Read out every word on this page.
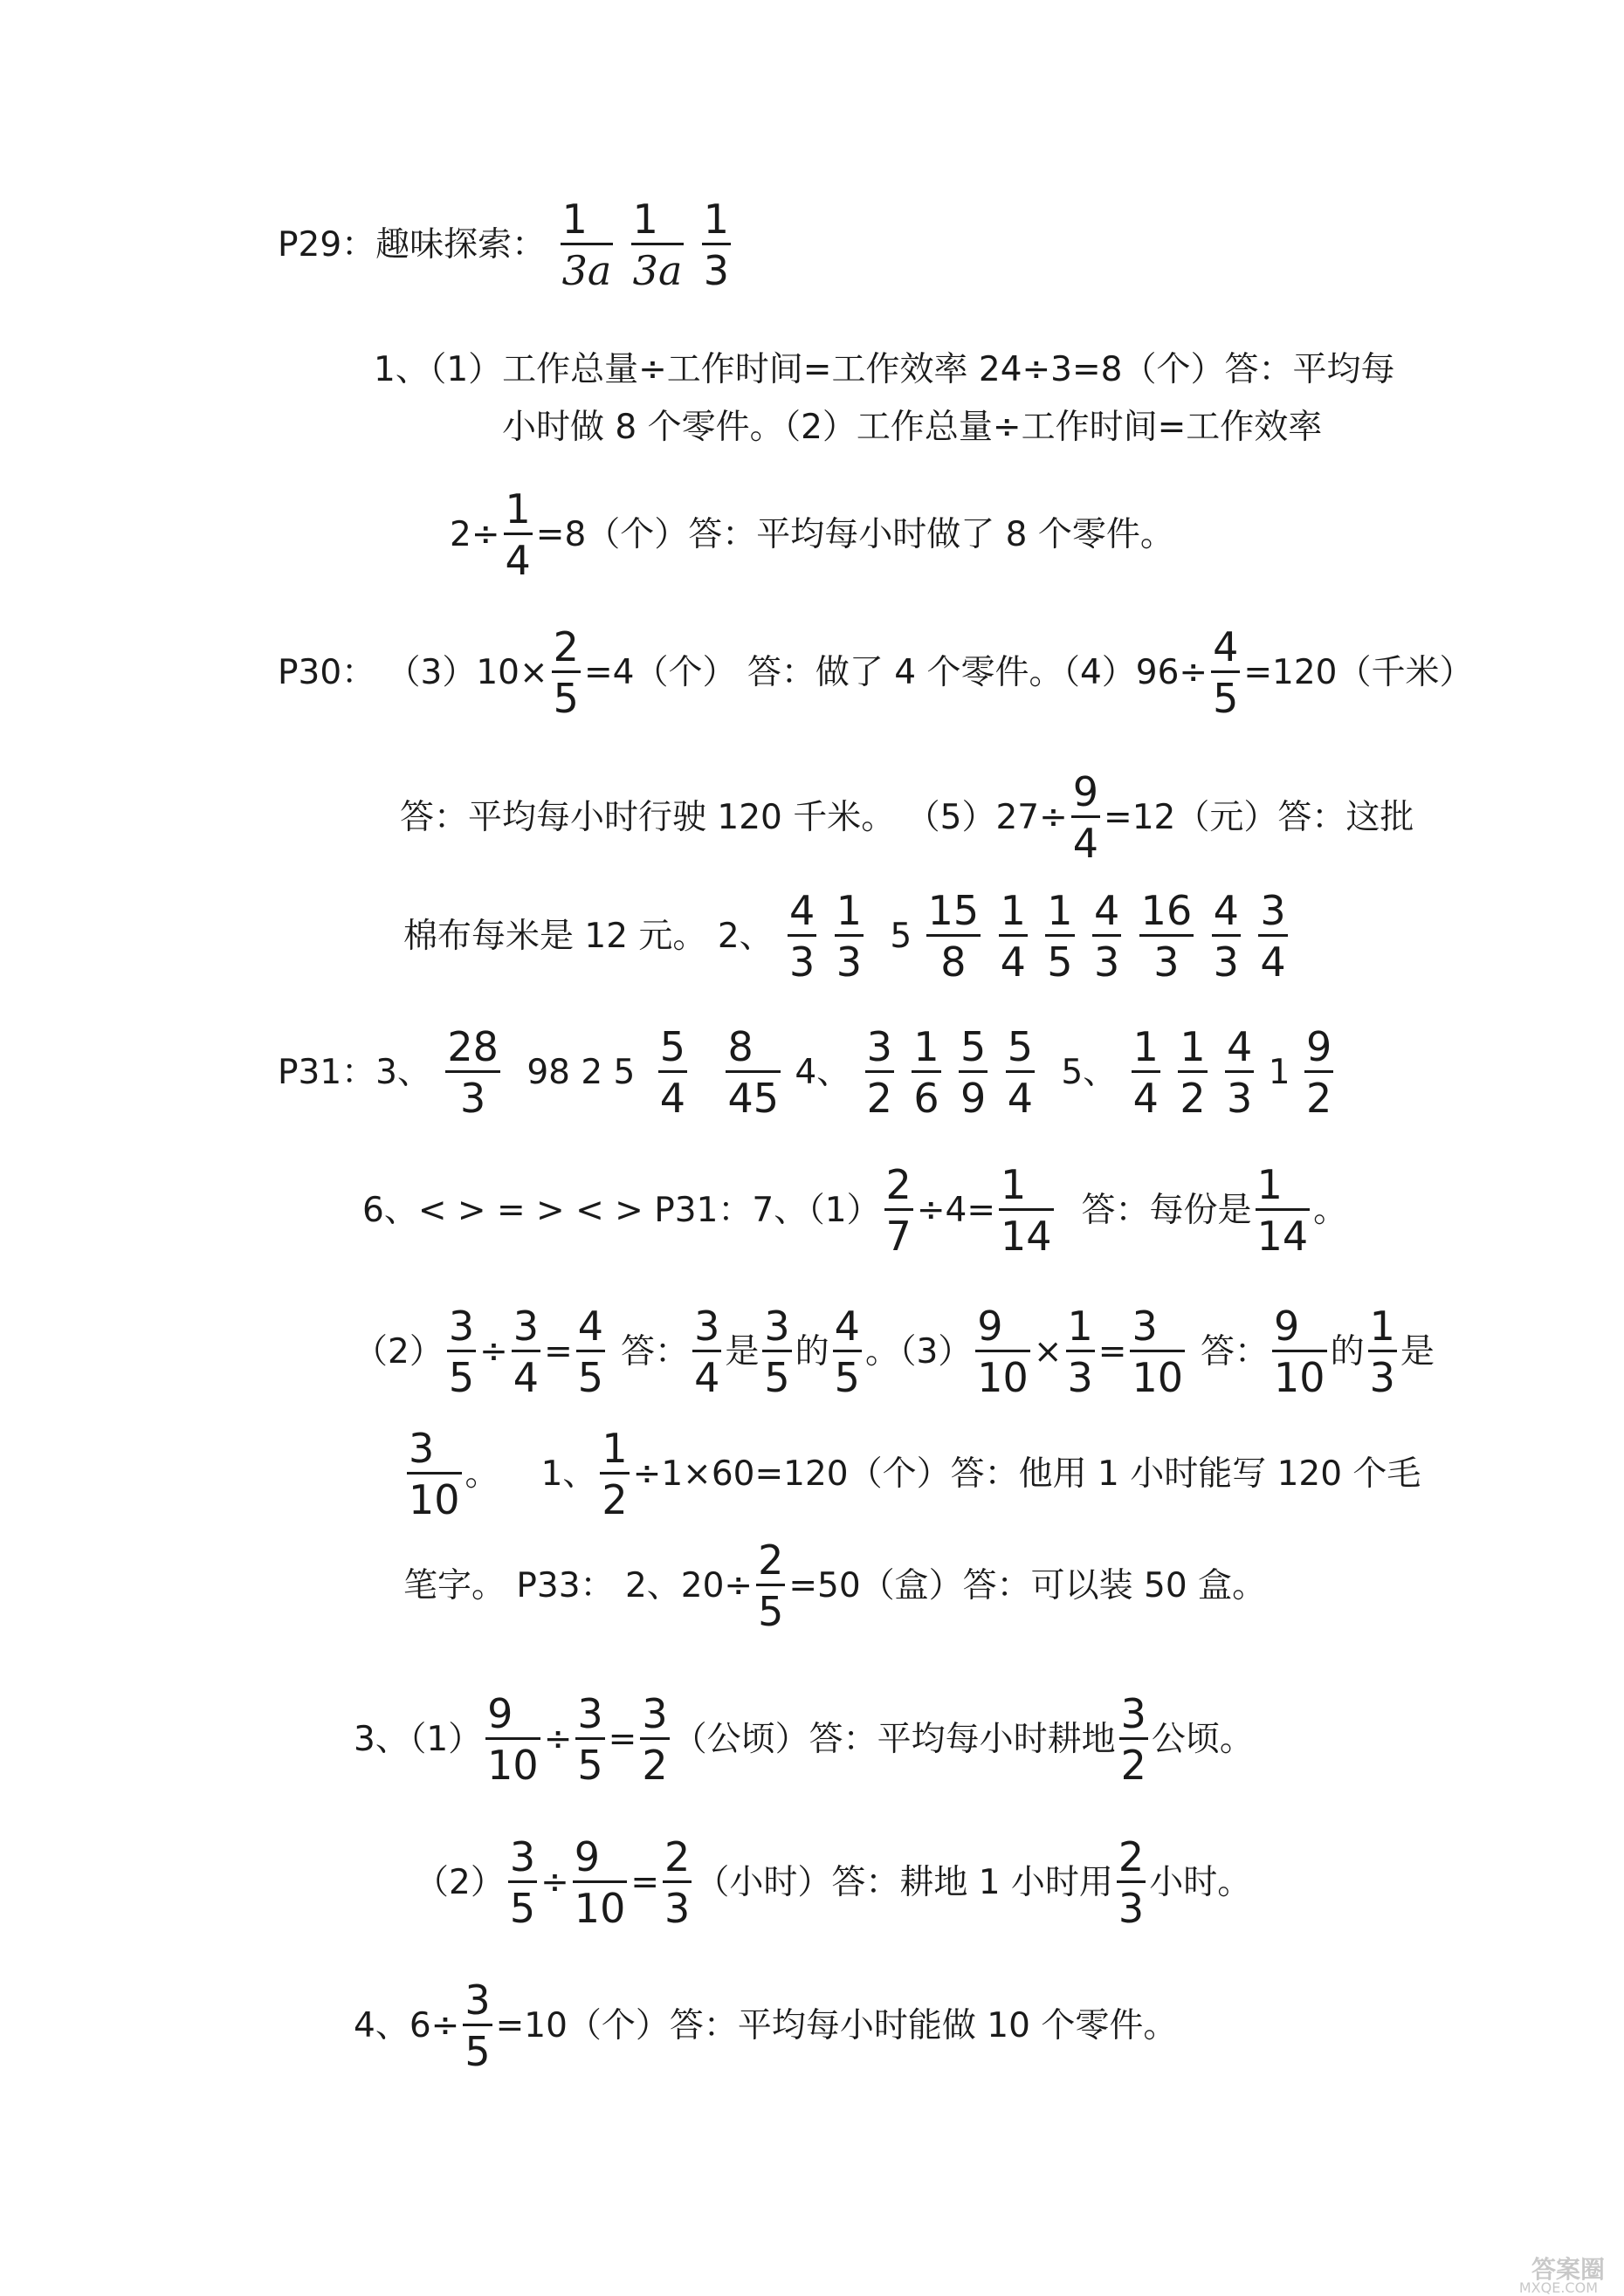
P29：趣味探索： $\frac{1}{3a}$
$\frac{1}{3a}$
$\frac{1}{3}$
1、（1）工作总量÷工作时间=工作效率 24÷3=8（个）答：平均每
小时做 8 个零件。（2）工作总量÷工作时间=工作效率
$2\div \frac{1}{4} =8$（个）答：平均每小时做了 8 个零件。
P30： $(3)10\times \frac{2}{5} =4$（个） 答：做了 4 个零件。$(4)96\div \frac{4}{5} =120$（千米）
答：平均每小时行驶 120 千米。 $(5)27\div \frac{9}{4} =12$（元）答：这批
棉布每米是 12 元。 2、 $\frac{4}{3}$
$\frac{1}{3} 5 \frac{15}{8}$
$\frac{1}{4}$
$\frac{1}{5}$
$\frac{4}{3}$
$\frac{16}{3}$
$\frac{4}{3}$
$\frac{3}{4}$
P31：3、 $\frac{28}{3} 98$ 2 $5 \frac{5}{4}$
$\frac{8}{45} 4$、 $\frac{3}{2}$
$\frac{1}{6}$
$\frac{5}{9}$
$\frac{5}{4} 5$、 $\frac{1}{4}$
$\frac{1}{2}$
$\frac{4}{3} 1 \frac{9}{2}$
6、< > = > < > P31：7、$(1) \frac{2}{7} \div 4= \frac{1}{14}$ 答：每份是 $\frac{1}{14}$ 。
$(2) \frac{3}{5} \div \frac{3}{4} = \frac{4}{5}$ 答： $\frac{3}{4}$ 是 $\frac{3}{5}$ 的 $\frac{4}{5}$ 。$(3) \frac{9}{10} \times \frac{1}{3} = \frac{3}{10}$ 答： $\frac{9}{10}$ 的 $\frac{1}{3}$ 是
$\frac{3}{10}$ 。 1、 $\frac{1}{2} \div 1\times 60=120$（个）答：他用 1 小时能写 120 个毛
笔字。 P33： 2、$20\div \frac{2}{5} =50$（盒）答：可以装 50 盒。
3、$(1) \frac{9}{10} \div \frac{3}{5} = \frac{3}{2}$ （公顷）答：平均每小时耕地 $\frac{3}{2}$ 公顷。
$(2) \frac{3}{5} \div \frac{9}{10} = \frac{2}{3}$ （小时）答：耕地 1 小时用 $\frac{2}{3}$ 小时。
4、$6\div \frac{3}{5} =10$（个）答：平均每小时能做 10 个零件。
答案圈
MXQE.COM
